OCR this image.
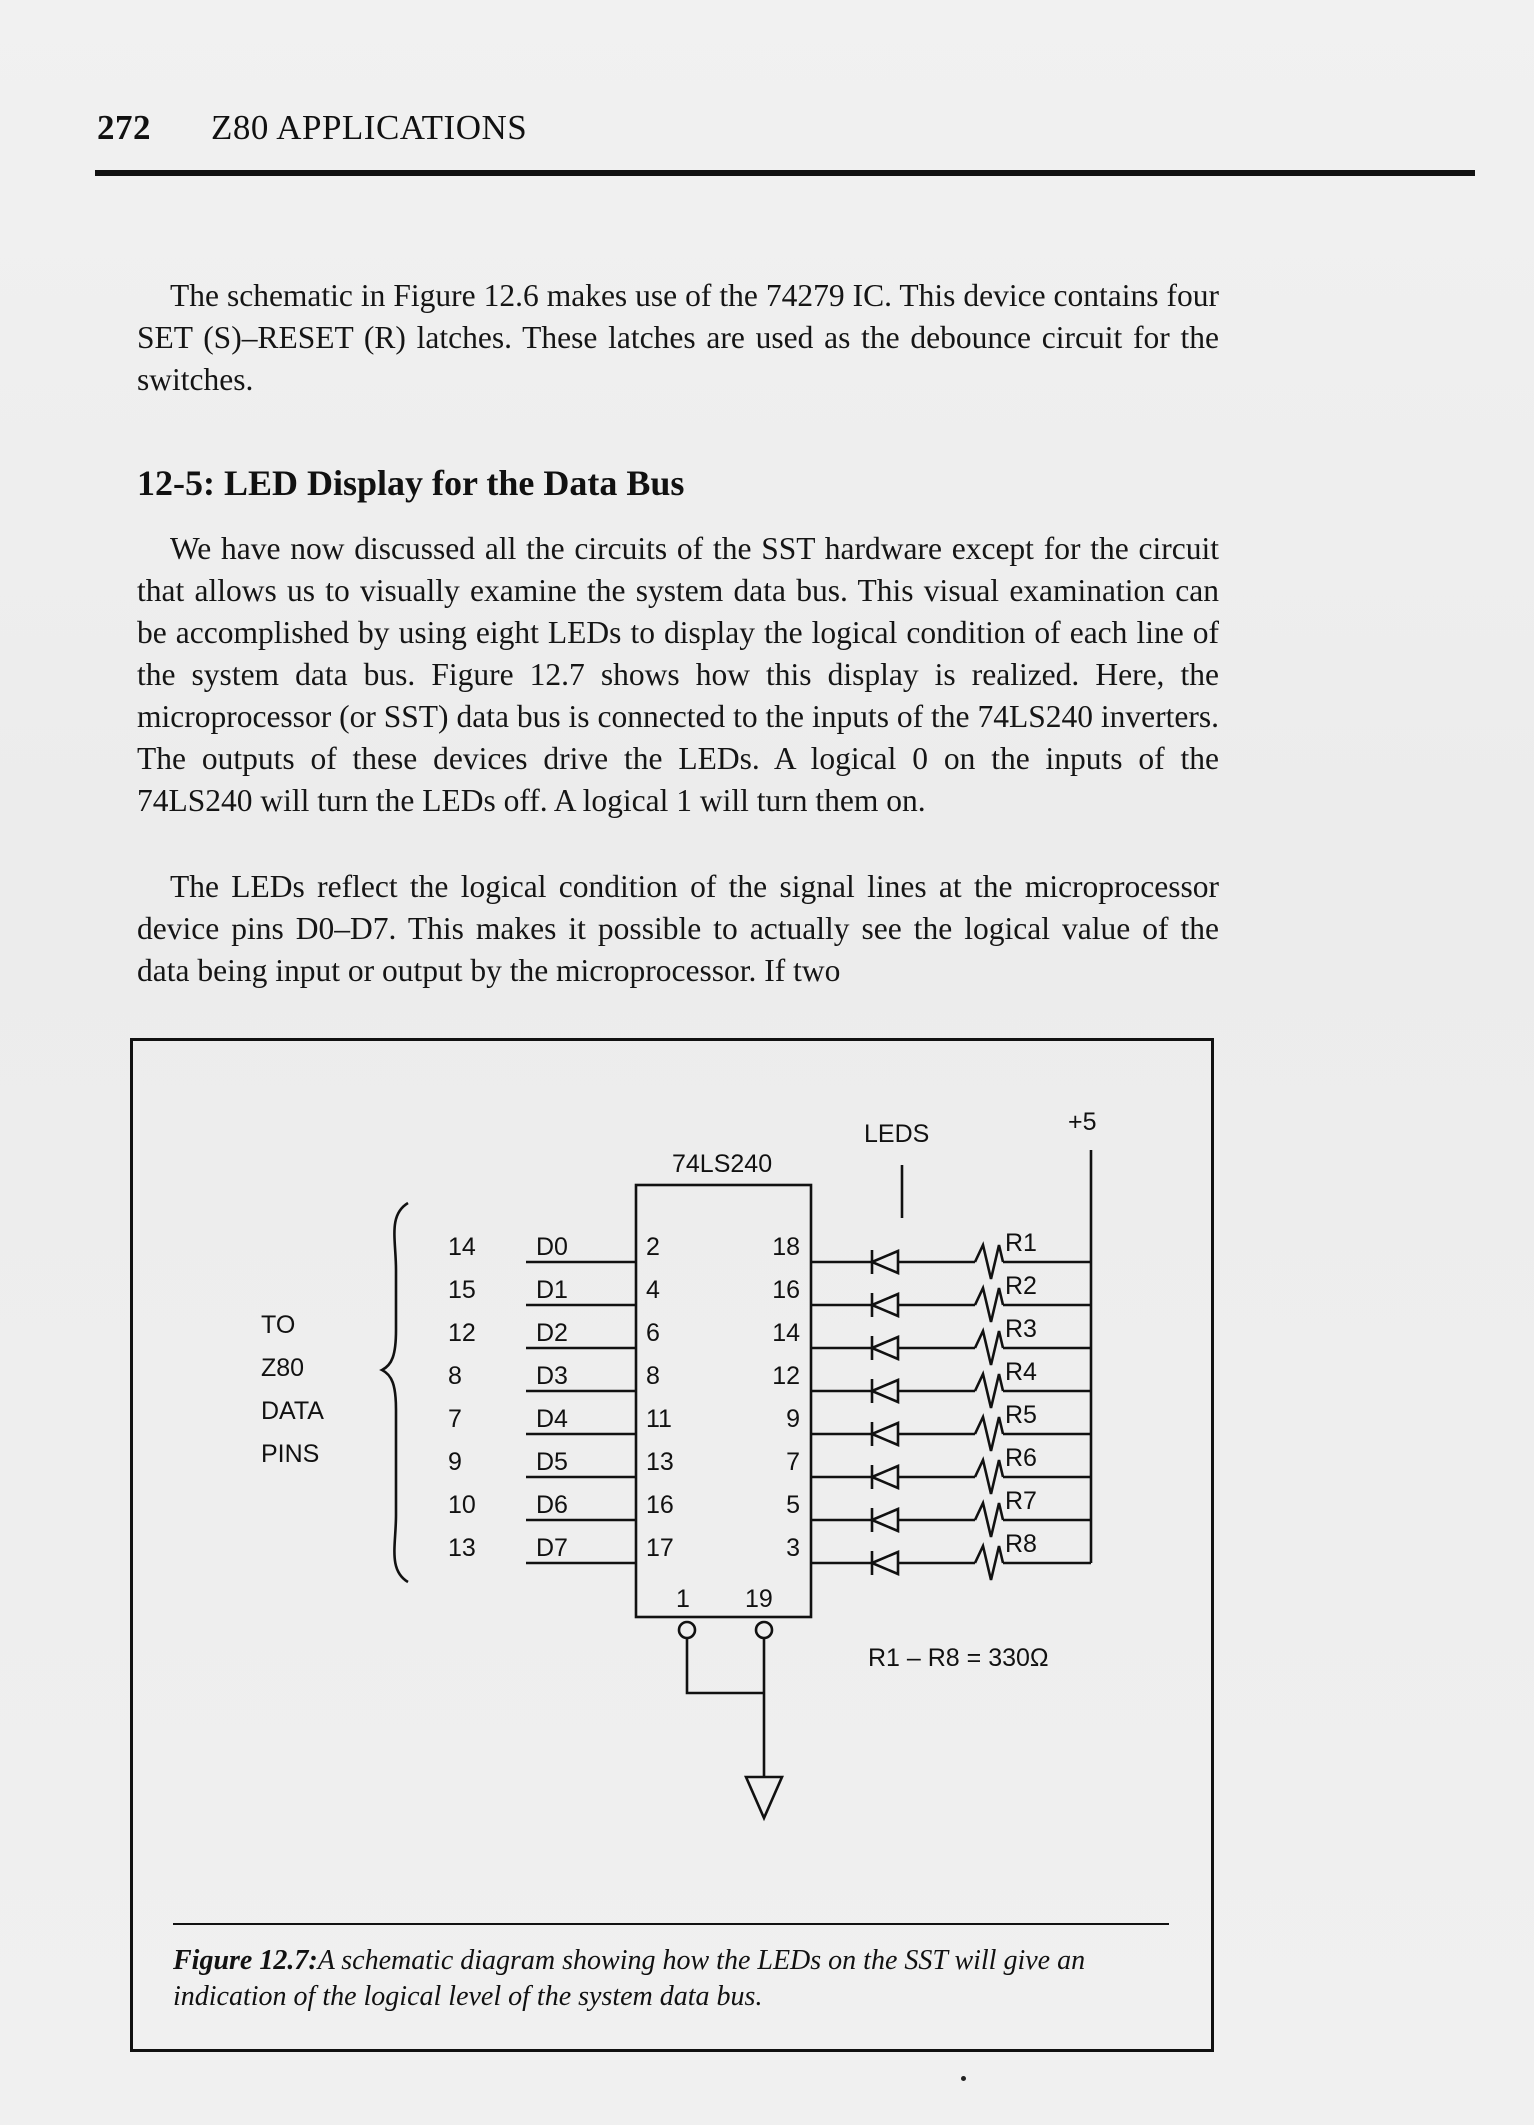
272 Z80 APPLICATIONS

The schematic in Figure 12.6 makes use of the 74279 IC. This device contains four SET (S)–RESET (R) latches. These latches are used as the debounce circuit for the switches.

12-5: LED Display for the Data Bus

We have now discussed all the circuits of the SST hardware except for the circuit that allows us to visually examine the system data bus. This visual examination can be accomplished by using eight LEDs to display the logical condition of each line of the system data bus. Figure 12.7 shows how this display is realized. Here, the microprocessor (or SST) data bus is connected to the inputs of the 74LS240 inverters. The outputs of these devices drive the LEDs. A logical 0 on the inputs of the 74LS240 will turn the LEDs off. A logical 1 will turn them on.

The LEDs reflect the logical condition of the signal lines at the microprocessor device pins D0–D7. This makes it possible to actually see the logical value of the data being input or output by the microprocessor. If two

74LS240
LEDS	+5
TO
Z80
DATA
PINS
1 19
R1 – R8 = 330Ω
14 D0	2	18	R1
15 D1	4	16	R2
12 D2	6	14	R3
8	D3	8	12	R4
7	D4	11	9	R5
9	D5	13	7	R6
10 D6	16	5	R7
13 D7	17	3	R8

Figure 12.7:A schematic diagram showing how the LEDs on the SST will give an indication of the logical level of the system data bus.
